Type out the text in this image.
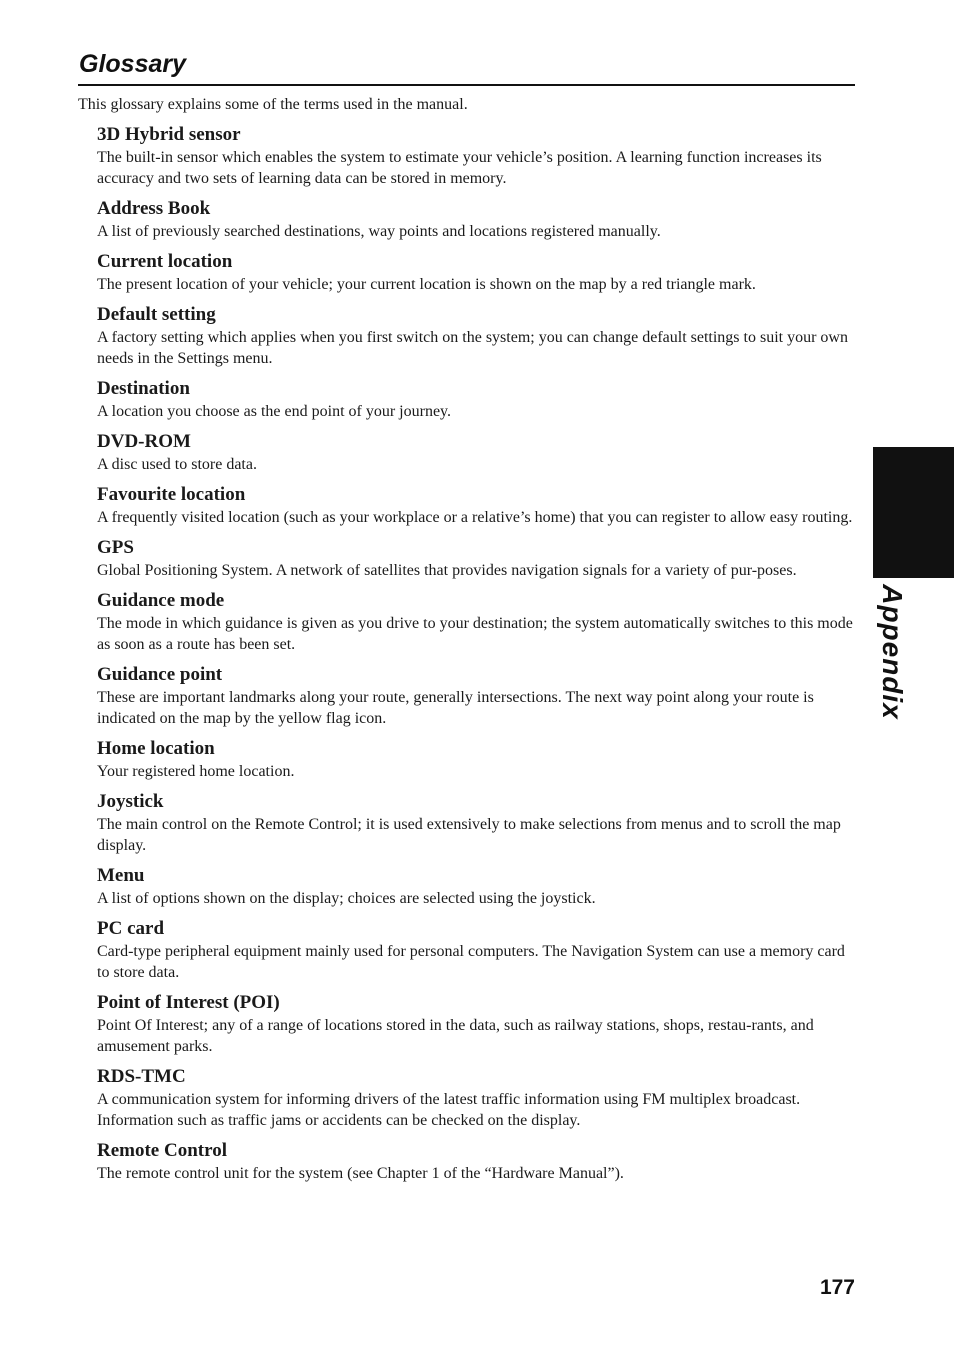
Glossary

This glossary explains some of the terms used in the manual.

3D Hybrid sensor

The built-in sensor which enables the system to estimate your vehicle’s position. A learning function increases its accuracy and two sets of learning data can be stored in memory.

Address Book

A list of previously searched destinations, way points and locations registered manually.

Current location

The present location of your vehicle; your current location is shown on the map by a red triangle mark.

Default setting

A factory setting which applies when you first switch on the system; you can change default settings to suit your own needs in the Settings menu.

Destination

A location you choose as the end point of your journey.

DVD-ROM

A disc used to store data.

Favourite location

A frequently visited location (such as your workplace or a relative’s home) that you can register to allow easy routing.

GPS

Global Positioning System. A network of satellites that provides navigation signals for a variety of pur-poses.

Guidance mode

The mode in which guidance is given as you drive to your destination; the system automatically switches to this mode as soon as a route has been set.

Guidance point

These are important landmarks along your route, generally intersections. The next way point along your route is indicated on the map by the yellow flag icon.

Home location

Your registered home location.

Joystick

The main control on the Remote Control; it is used extensively to make selections from menus and to scroll the map display.

Menu

A list of options shown on the display; choices are selected using the joystick.

PC card

Card-type peripheral equipment mainly used for personal computers. The Navigation System can use a memory card to store data.

Point of Interest (POI)

Point Of Interest; any of a range of locations stored in the data, such as railway stations, shops, restau-rants, and amusement parks.

RDS-TMC

A communication system for informing drivers of the latest traffic information using FM multiplex broadcast. Information such as traffic jams or accidents can be checked on the display.

Remote Control

The remote control unit for the system (see Chapter 1 of the “Hardware Manual”).

Appendix
177
